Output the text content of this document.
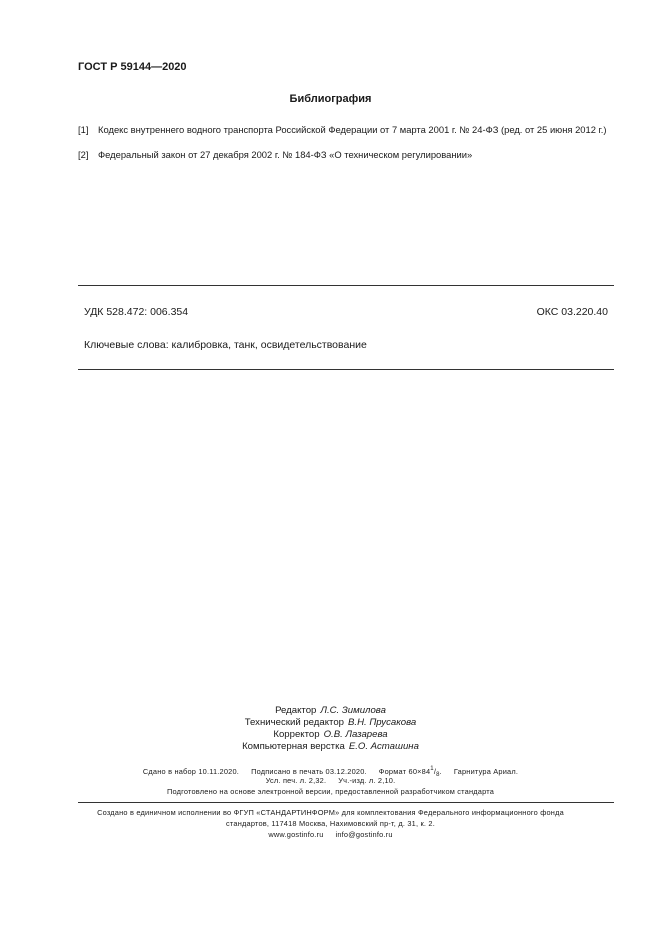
ГОСТ Р 59144—2020
Библиография
[1]	Кодекс внутреннего водного транспорта Российской Федерации от 7 марта 2001 г. № 24-ФЗ (ред. от 25 июня 2012 г.)
[2]	Федеральный закон от 27 декабря 2002 г. № 184-ФЗ «О техническом регулировании»
УДК 528.472: 006.354	ОКС 03.220.40
Ключевые слова: калибровка, танк, освидетельствование
Редактор Л.С. Зимилова
Технический редактор В.Н. Прусакова
Корректор О.В. Лазарева
Компьютерная верстка Е.О. Асташина
Сдано в набор 10.11.2020. Подписано в печать 03.12.2020. Формат $60\times 84^1/_8$. Гарнитура Ариал.
Усл. печ. л. 2,32. Уч.-изд. л. 2,10.
Подготовлено на основе электронной версии, предоставленной разработчиком стандарта
Создано в единичном исполнении во ФГУП «СТАНДАРТИНФОРМ» для комплектования Федерального информационного фонда
стандартов, 117418 Москва, Нахимовский пр-т, д. 31, к. 2.
www.gostinfo.ru info@gostinfo.ru
